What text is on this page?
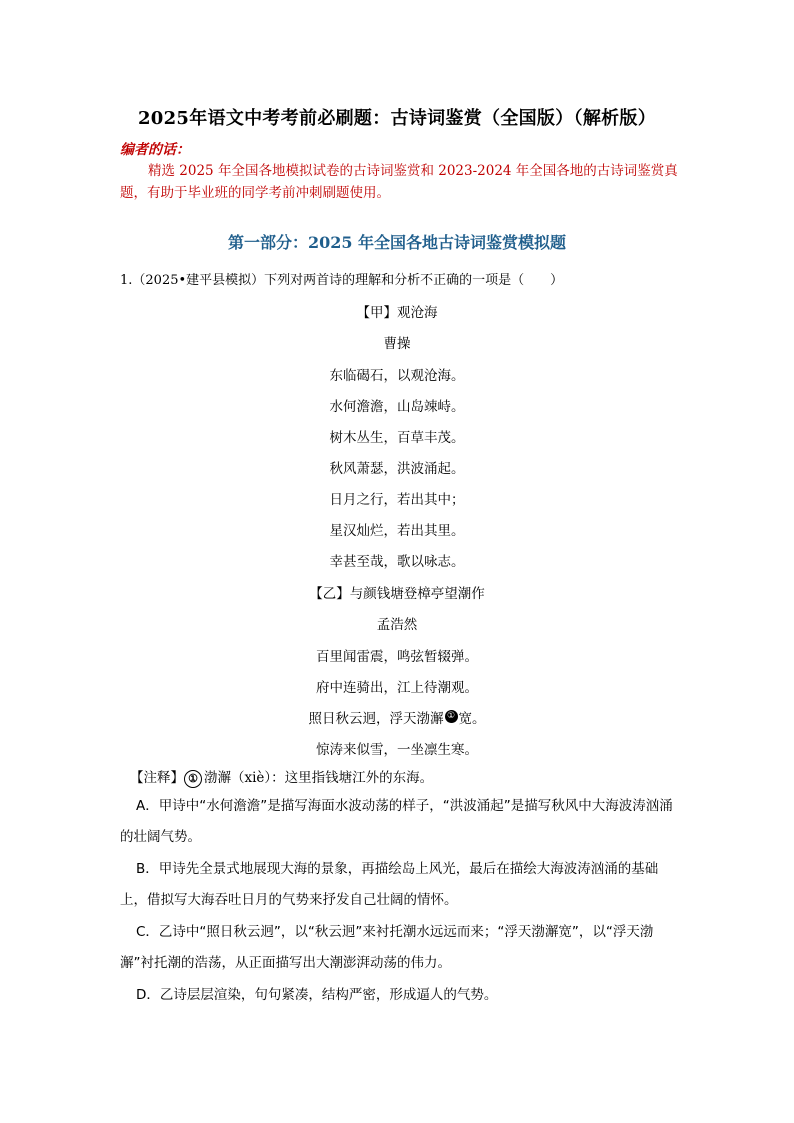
2025年语文中考考前必刷题：古诗词鉴赏（全国版）（解析版）
编者的话：
精选 2025 年全国各地模拟试卷的古诗词鉴赏和 2023-2024 年全国各地的古诗词鉴赏真题，有助于毕业班的同学考前冲刺刷题使用。
第一部分：2025 年全国各地古诗词鉴赏模拟题
1.（2025•建平县模拟）下列对两首诗的理解和分析不正确的一项是（　　）
【甲】观沧海
曹操
东临碣石，以观沧海。
水何澹澹，山岛竦峙。
树木丛生，百草丰茂。
秋风萧瑟，洪波涌起。
日月之行，若出其中；
星汉灿烂，若出其里。
幸甚至哉，歌以咏志。
【乙】与颜钱塘登樟亭望潮作
孟浩然
百里闻雷震，鸣弦暂辍弹。
府中连骑出，江上待潮观。
照日秋云迥，浮天渤澥 ① 宽。
惊涛来似雪，一坐凛生寒。
【注释】 ① 渤澥（xiè）：这里指钱塘江外的东海。
A．甲诗中“水何澹澹”是描写海面水波动荡的样子，“洪波涌起”是描写秋风中大海波涛汹涌的壮阔气势。
B．甲诗先全景式地展现大海的景象，再描绘岛上风光，最后在描绘大海波涛汹涌的基础上，借拟写大海吞吐日月的气势来抒发自己壮阔的情怀。
C．乙诗中“照日秋云迥”，以“秋云迥”来衬托潮水远远而来；“浮天渤澥宽”，以“浮天渤澥”衬托潮的浩荡，从正面描写出大潮澎湃动荡的伟力。
D．乙诗层层渲染，句句紧凑，结构严密，形成逼人的气势。
